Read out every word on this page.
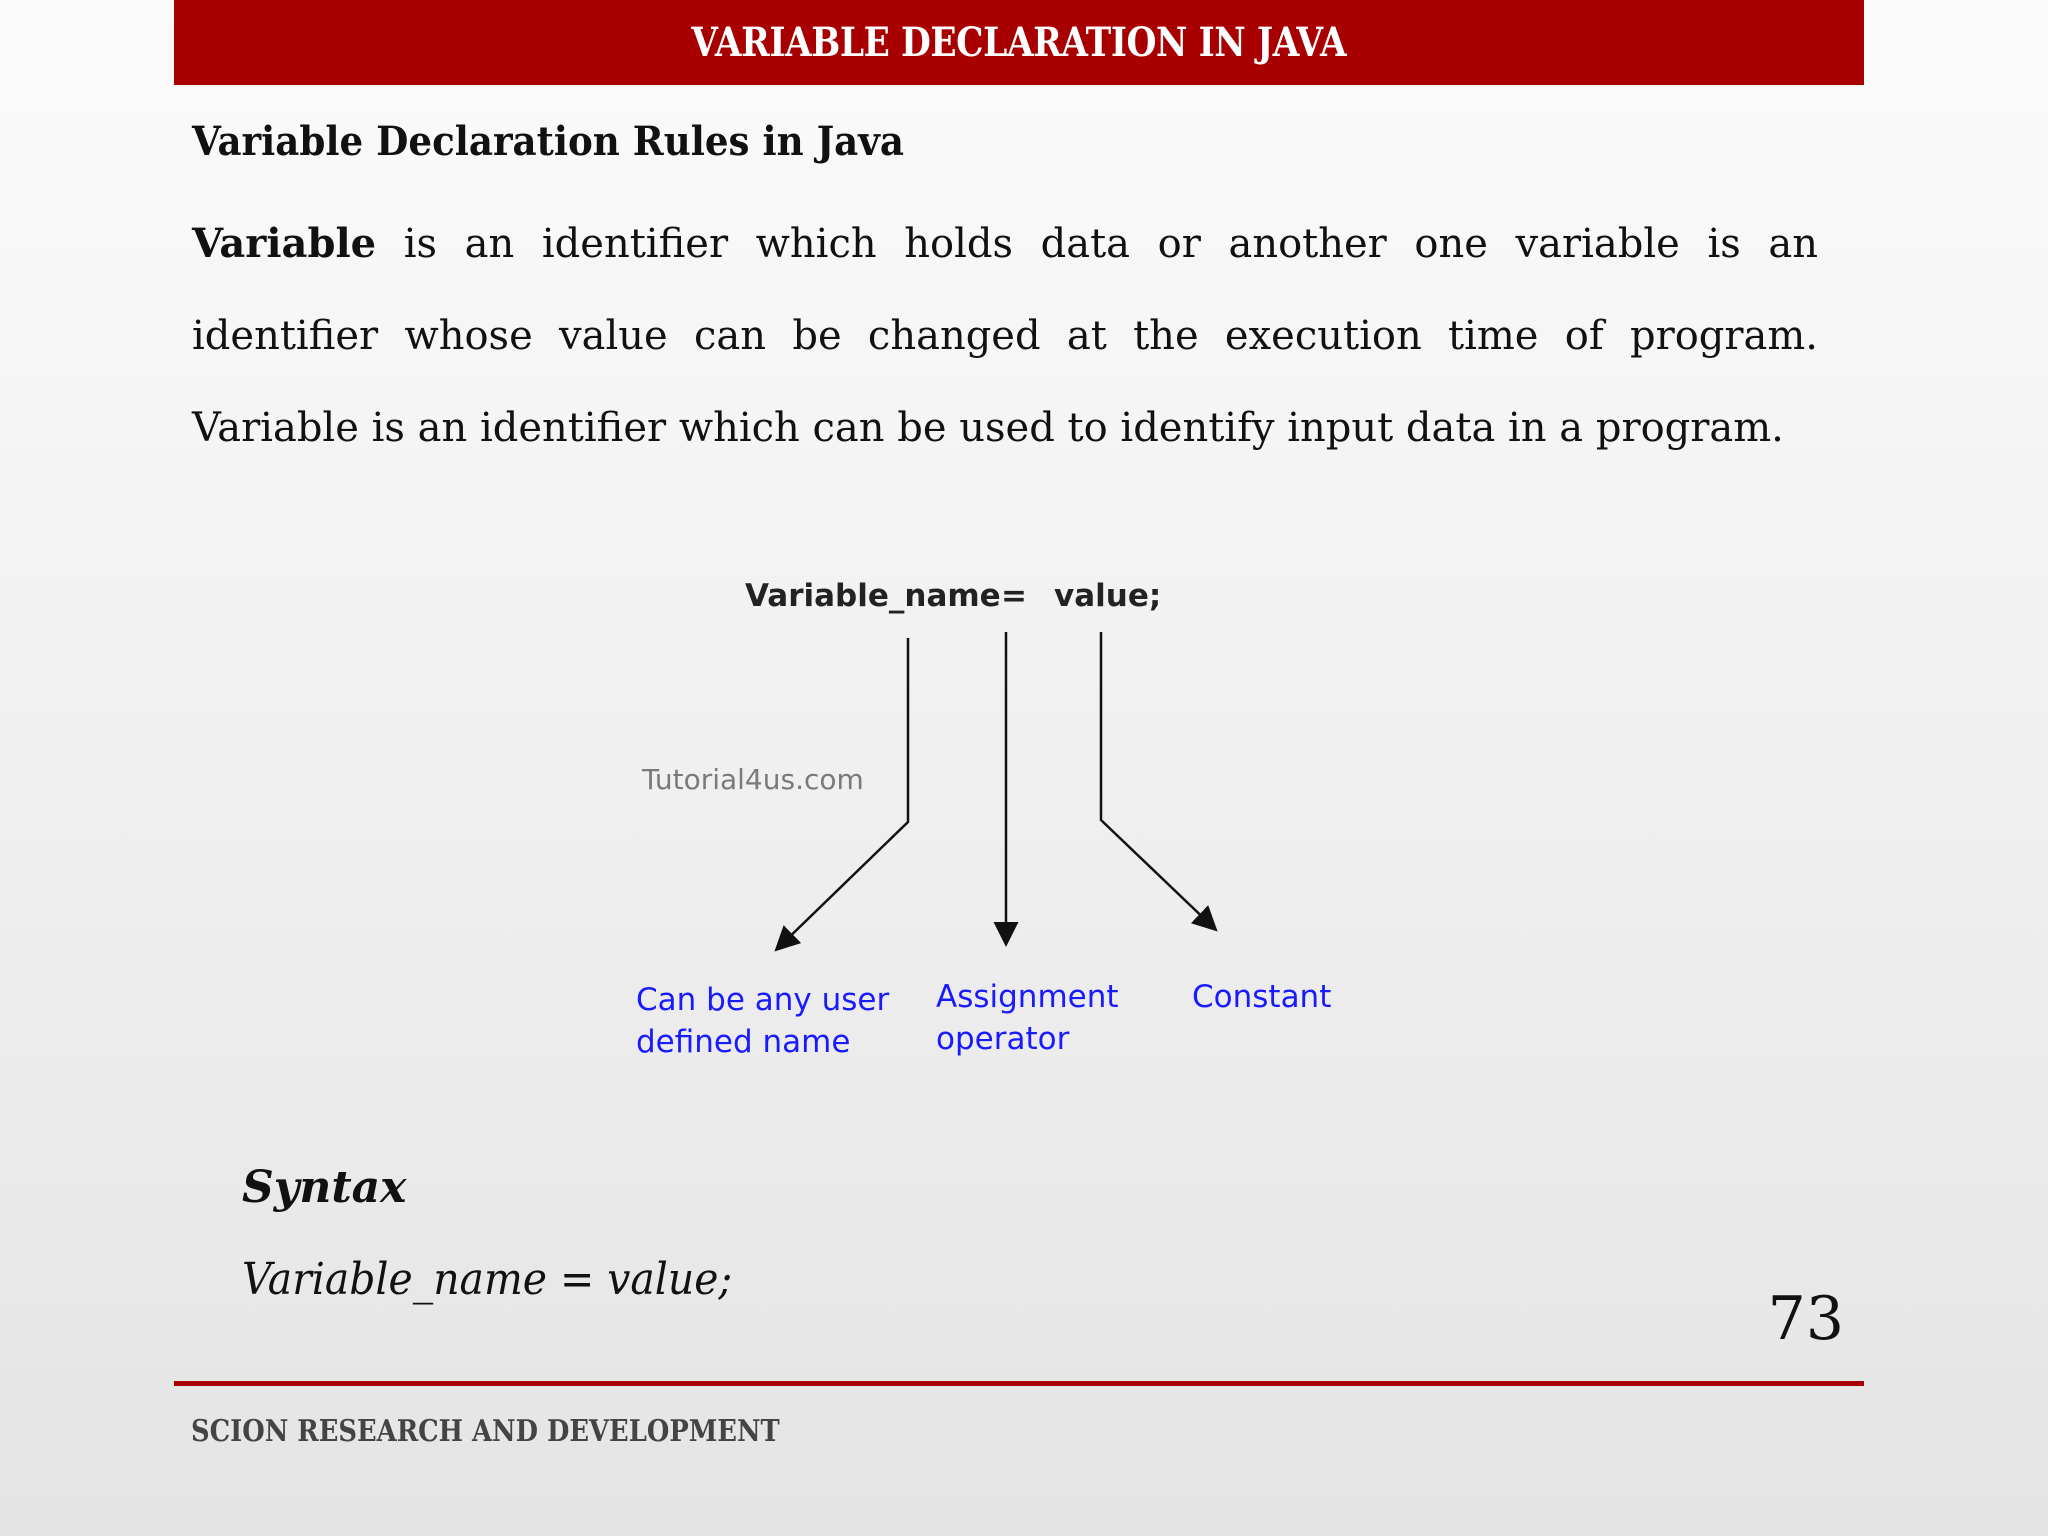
VARIABLE DECLARATION IN JAVA
Variable Declaration Rules in Java
Variable is an identifier which holds data or another one variable is an
identifier whose value can be changed at the execution time of program.
Variable is an identifier which can be used to identify input data in a program.
Variable_name = value;
Tutorial4us.com
Can be any user
defined name
Assignment
operator
Constant
Syntax
Variable_name = value;
73
SCION RESEARCH AND DEVELOPMENT
